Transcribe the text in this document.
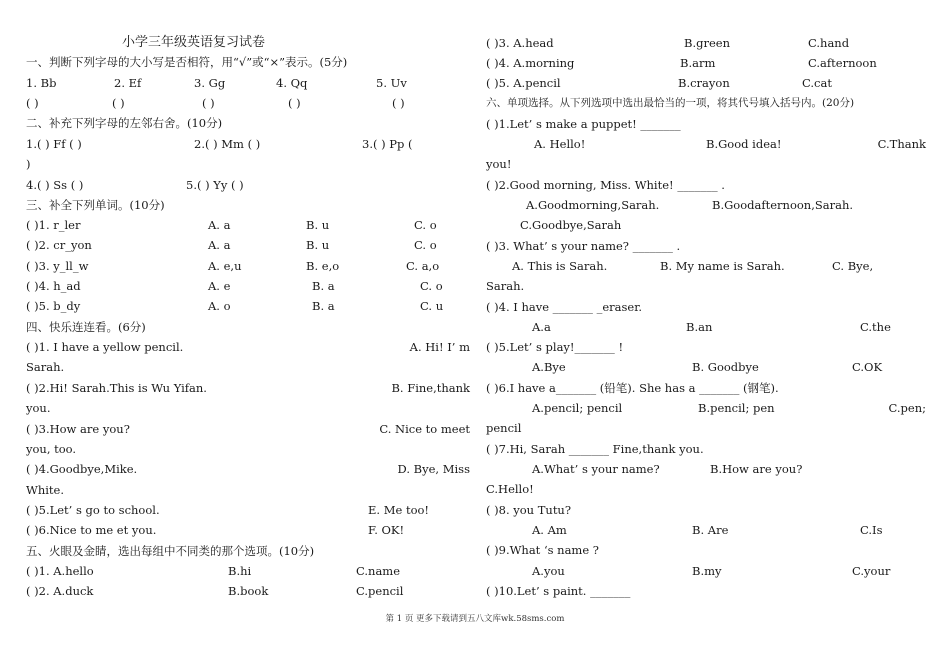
小学三年级英语复习试卷
一、判断下列字母的大小写是否相符，用“√”或“×”表示。(5分)
1. Bb	2. Ef	3. Gg	4. Qq	5. Uv
( )	( )	( )	( )	( )
二、补充下列字母的左邻右舍。(10分)
1.( ) Ff ( )	2.( ) Mm ( )	3.( ) Pp (
)
4.( ) Ss ( )	5.( ) Yy ( )
三、补全下列单词。(10分)
( )1. r_ler	A. a	B. u	C. o
( )2. cr_yon	A. a	B. u	C. o
( )3. y_ll_w	A. e,u	B. e,o	C. a,o
( )4. h_ad	A. e	B. a	C. o
( )5. b_dy	A. o	B. a	C. u
四、快乐连连看。(6分)
( )1. I have a yellow pencil.	A. Hi! I’ m
Sarah.
( )2.Hi! Sarah.This is Wu Yifan.	B. Fine,thank
you.
( )3.How are you?	C. Nice to meet
you, too.
( )4.Goodbye,Mike.	D. Bye, Miss
White.
( )5.Let’ s go to school.	E. Me too!
( )6.Nice to me et you.	F. OK!
五、火眼及金睛，选出每组中不同类的那个选项。(10分)
( )1. A.hello	B.hi	C.name
( )2. A.duck	B.book	C.pencil
( )3. A.head	B.green	C.hand
( )4. A.morning	B.arm	C.afternoon
( )5. A.pencil	B.crayon	C.cat
六、单项选择。从下列选项中选出最恰当的一项，将其代号填入括号内。(20分)
( )1.Let’ s make a puppet! _______
A. Hello!	B.Good idea!	C.Thank
you!
( )2.Good morning, Miss. White! _______ .
A.Goodmorning,Sarah.	B.Goodafternoon,Sarah.
C.Goodbye,Sarah
( )3. What’ s your name? _______ .
A. This is Sarah.	B. My name is Sarah.	C. Bye,
Sarah.
( )4. I have _______ _eraser.
A.a	B.an	C.the
( )5.Let’ s play!_______ !
A.Bye	B. Goodbye	C.OK
( )6.I have a_______ (铅笔). She has a _______ (钢笔).
A.pencil; pencil	B.pencil; pen	C.pen;
pencil
( )7.Hi, Sarah _______ Fine,thank you.
A.What’ s your name?	B.How are you?
C.Hello!
( )8. you Tutu?
A. Am	B. Are	C.Is
( )9.What ‘s name ?
A.you	B.my	C.your
( )10.Let’ s paint. _______
第 1 页 更多下载请到五八文库wk.58sms.com
